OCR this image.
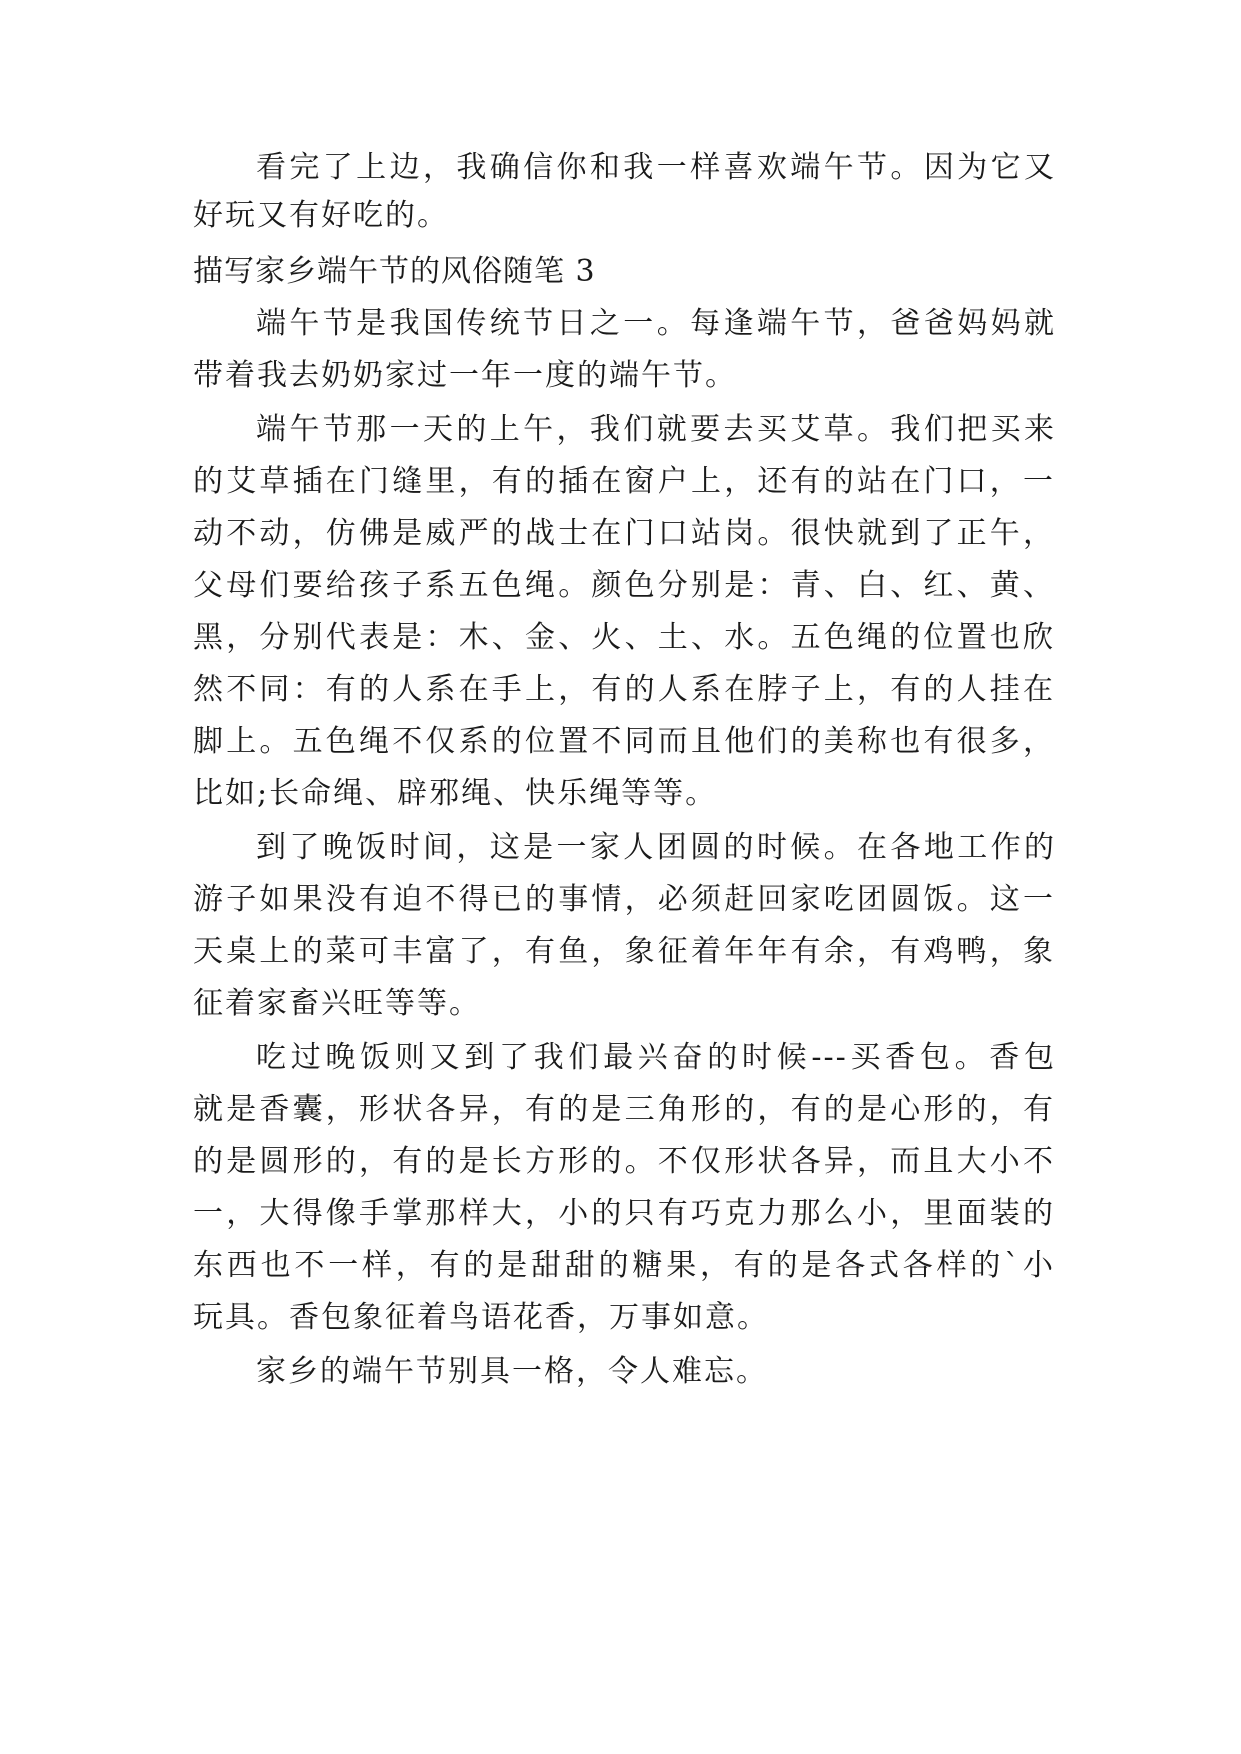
看完了上边，我确信你和我一样喜欢端午节。因为它又
好玩又有好吃的。
描写家乡端午节的风俗随笔 3
端午节是我国传统节日之一。每逢端午节，爸爸妈妈就
带着我去奶奶家过一年一度的端午节。
端午节那一天的上午，我们就要去买艾草。我们把买来
的艾草插在门缝里，有的插在窗户上，还有的站在门口，一
动不动，仿佛是威严的战士在门口站岗。很快就到了正午，
父母们要给孩子系五色绳。颜色分别是：青、白、红、黄、
黑，分别代表是：木、金、火、土、水。五色绳的位置也欣
然不同：有的人系在手上，有的人系在脖子上，有的人挂在
脚上。五色绳不仅系的位置不同而且他们的美称也有很多，
比如;长命绳、辟邪绳、快乐绳等等。
到了晚饭时间，这是一家人团圆的时候。在各地工作的
游子如果没有迫不得已的事情，必须赶回家吃团圆饭。这一
天桌上的菜可丰富了，有鱼，象征着年年有余，有鸡鸭，象
征着家畜兴旺等等。
吃过晚饭则又到了我们最兴奋的时候---买香包。香包
就是香囊，形状各异，有的是三角形的，有的是心形的，有
的是圆形的，有的是长方形的。不仅形状各异，而且大小不
一，大得像手掌那样大，小的只有巧克力那么小，里面装的
东西也不一样，有的是甜甜的糖果，有的是各式各样的`小
玩具。香包象征着鸟语花香，万事如意。
家乡的端午节别具一格，令人难忘。
